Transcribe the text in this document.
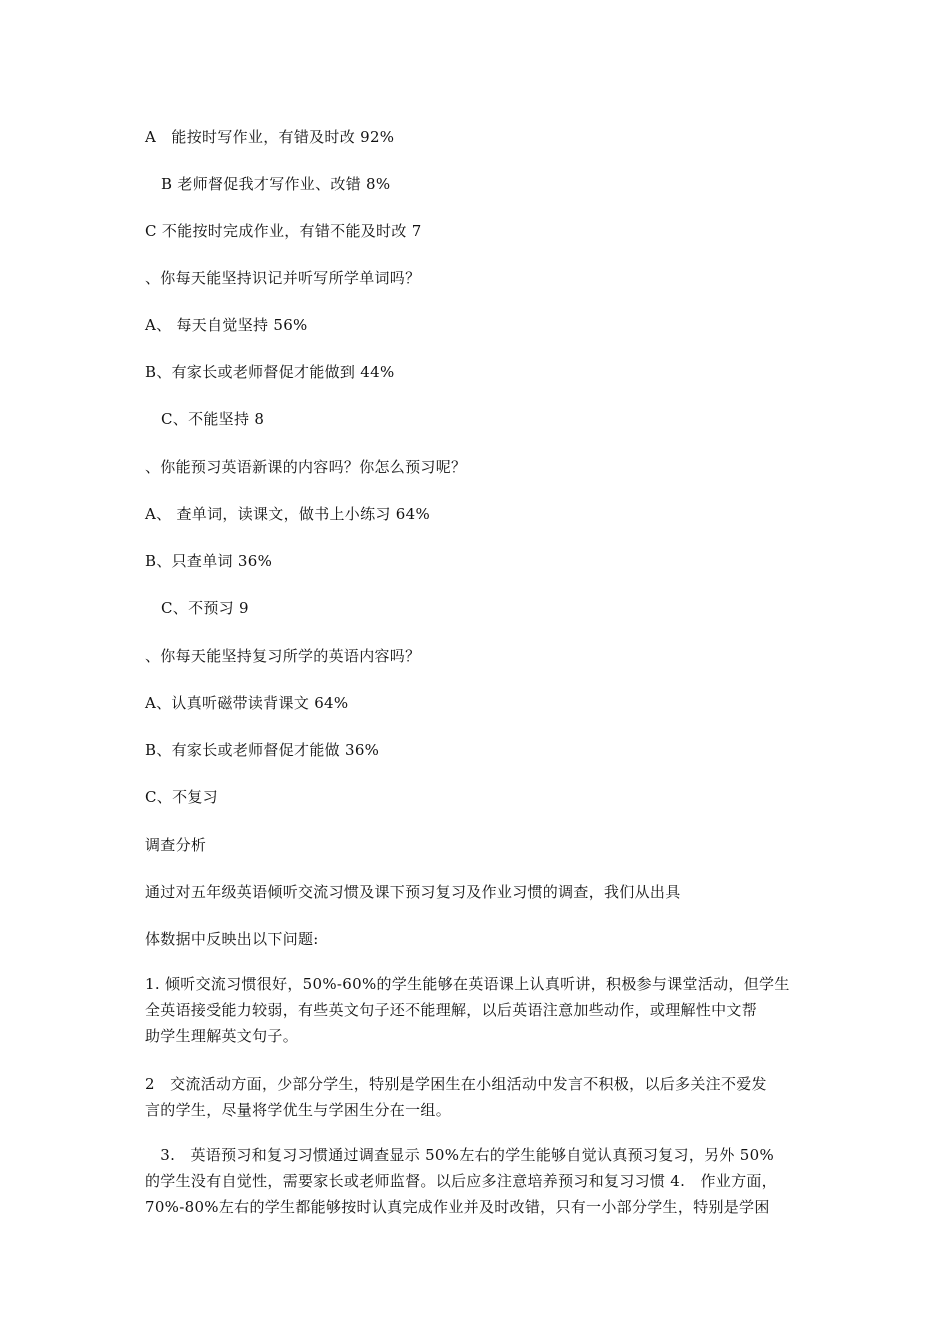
A　能按时写作业，有错及时改 92%
B 老师督促我才写作业、改错 8%
C 不能按时完成作业，有错不能及时改 7
、你每天能坚持识记并听写所学单词吗？
A、 每天自觉坚持 56%
B、有家长或老师督促才能做到 44%
C、不能坚持 8
、你能预习英语新课的内容吗？你怎么预习呢？
A、 查单词，读课文，做书上小练习 64%
B、只查单词 36%
C、不预习 9
、你每天能坚持复习所学的英语内容吗？
A、认真听磁带读背课文 64%
B、有家长或老师督促才能做 36%
C、不复习
调查分析
通过对五年级英语倾听交流习惯及课下预习复习及作业习惯的调查，我们从出具
体数据中反映出以下问题:
1. 倾听交流习惯很好，50%-60%的学生能够在英语课上认真听讲，积极参与课堂活动，但学生
全英语接受能力较弱，有些英文句子还不能理解，以后英语注意加些动作，或理解性中文帮
助学生理解英文句子。
2　交流活动方面，少部分学生，特别是学困生在小组活动中发言不积极，以后多关注不爱发
言的学生，尽量将学优生与学困生分在一组。
　3.　英语预习和复习习惯通过调查显示 50%左右的学生能够自觉认真预习复习，另外 50%
的学生没有自觉性，需要家长或老师监督。以后应多注意培养预习和复习习惯 4.　作业方面，
70%-80%左右的学生都能够按时认真完成作业并及时改错，只有一小部分学生，特别是学困
